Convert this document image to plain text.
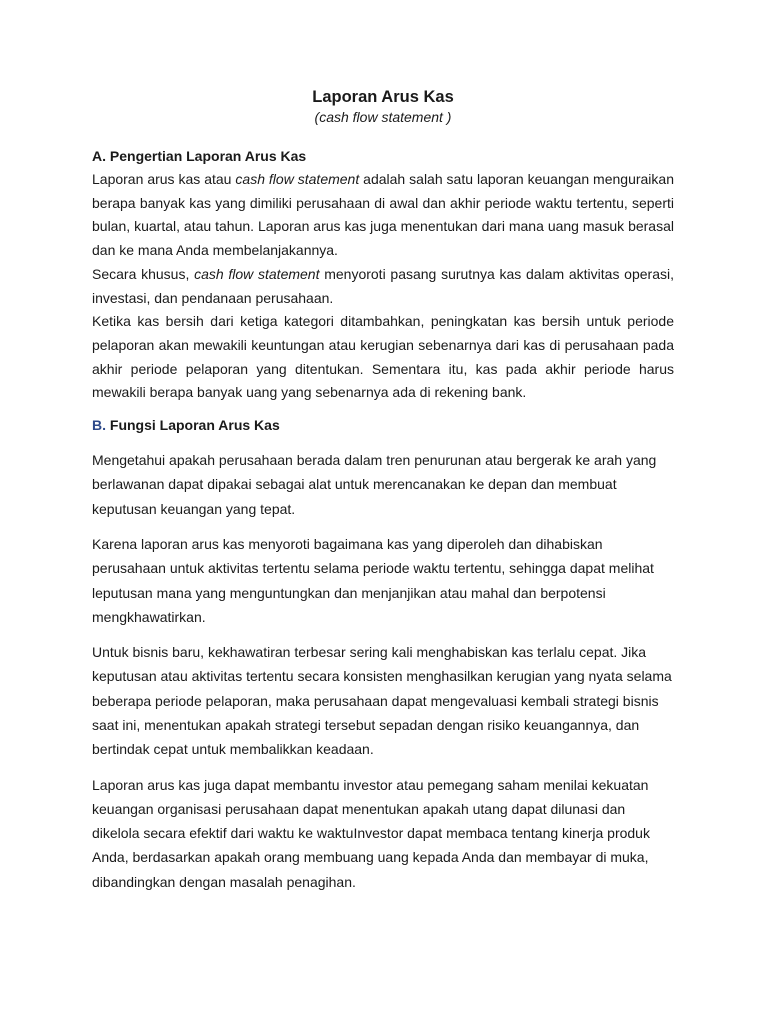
Laporan Arus Kas
(cash flow statement )
A. Pengertian Laporan Arus Kas

Laporan arus kas atau cash flow statement adalah salah satu laporan keuangan menguraikan berapa banyak kas yang dimiliki perusahaan di awal dan akhir periode waktu tertentu, seperti bulan, kuartal, atau tahun. Laporan arus kas juga menentukan dari mana uang masuk berasal dan ke mana Anda membelanjakannya.

Secara khusus, cash flow statement menyoroti pasang surutnya kas dalam aktivitas operasi, investasi, dan pendanaan perusahaan.

Ketika kas bersih dari ketiga kategori ditambahkan, peningkatan kas bersih untuk periode pelaporan akan mewakili keuntungan atau kerugian sebenarnya dari kas di perusahaan pada akhir periode pelaporan yang ditentukan. Sementara itu, kas pada akhir periode harus mewakili berapa banyak uang yang sebenarnya ada di rekening bank.

B. Fungsi Laporan Arus Kas

Mengetahui apakah perusahaan berada dalam tren penurunan atau bergerak ke arah yang berlawanan dapat dipakai sebagai alat untuk merencanakan ke depan dan membuat keputusan keuangan yang tepat.

Karena laporan arus kas menyoroti bagaimana kas yang diperoleh dan dihabiskan perusahaan untuk aktivitas tertentu selama periode waktu tertentu, sehingga dapat melihat leputusan mana yang menguntungkan dan menjanjikan atau mahal dan berpotensi mengkhawatirkan.

Untuk bisnis baru, kekhawatiran terbesar sering kali menghabiskan kas terlalu cepat. Jika keputusan atau aktivitas tertentu secara konsisten menghasilkan kerugian yang nyata selama beberapa periode pelaporan, maka perusahaan dapat mengevaluasi kembali strategi bisnis saat ini, menentukan apakah strategi tersebut sepadan dengan risiko keuangannya, dan bertindak cepat untuk membalikkan keadaan.

Laporan arus kas juga dapat membantu investor atau pemegang saham menilai kekuatan keuangan organisasi perusahaan dapat menentukan apakah utang dapat dilunasi dan dikelola secara efektif dari waktu ke waktuInvestor dapat membaca tentang kinerja produk Anda, berdasarkan apakah orang membuang uang kepada Anda dan membayar di muka, dibandingkan dengan masalah penagihan.
